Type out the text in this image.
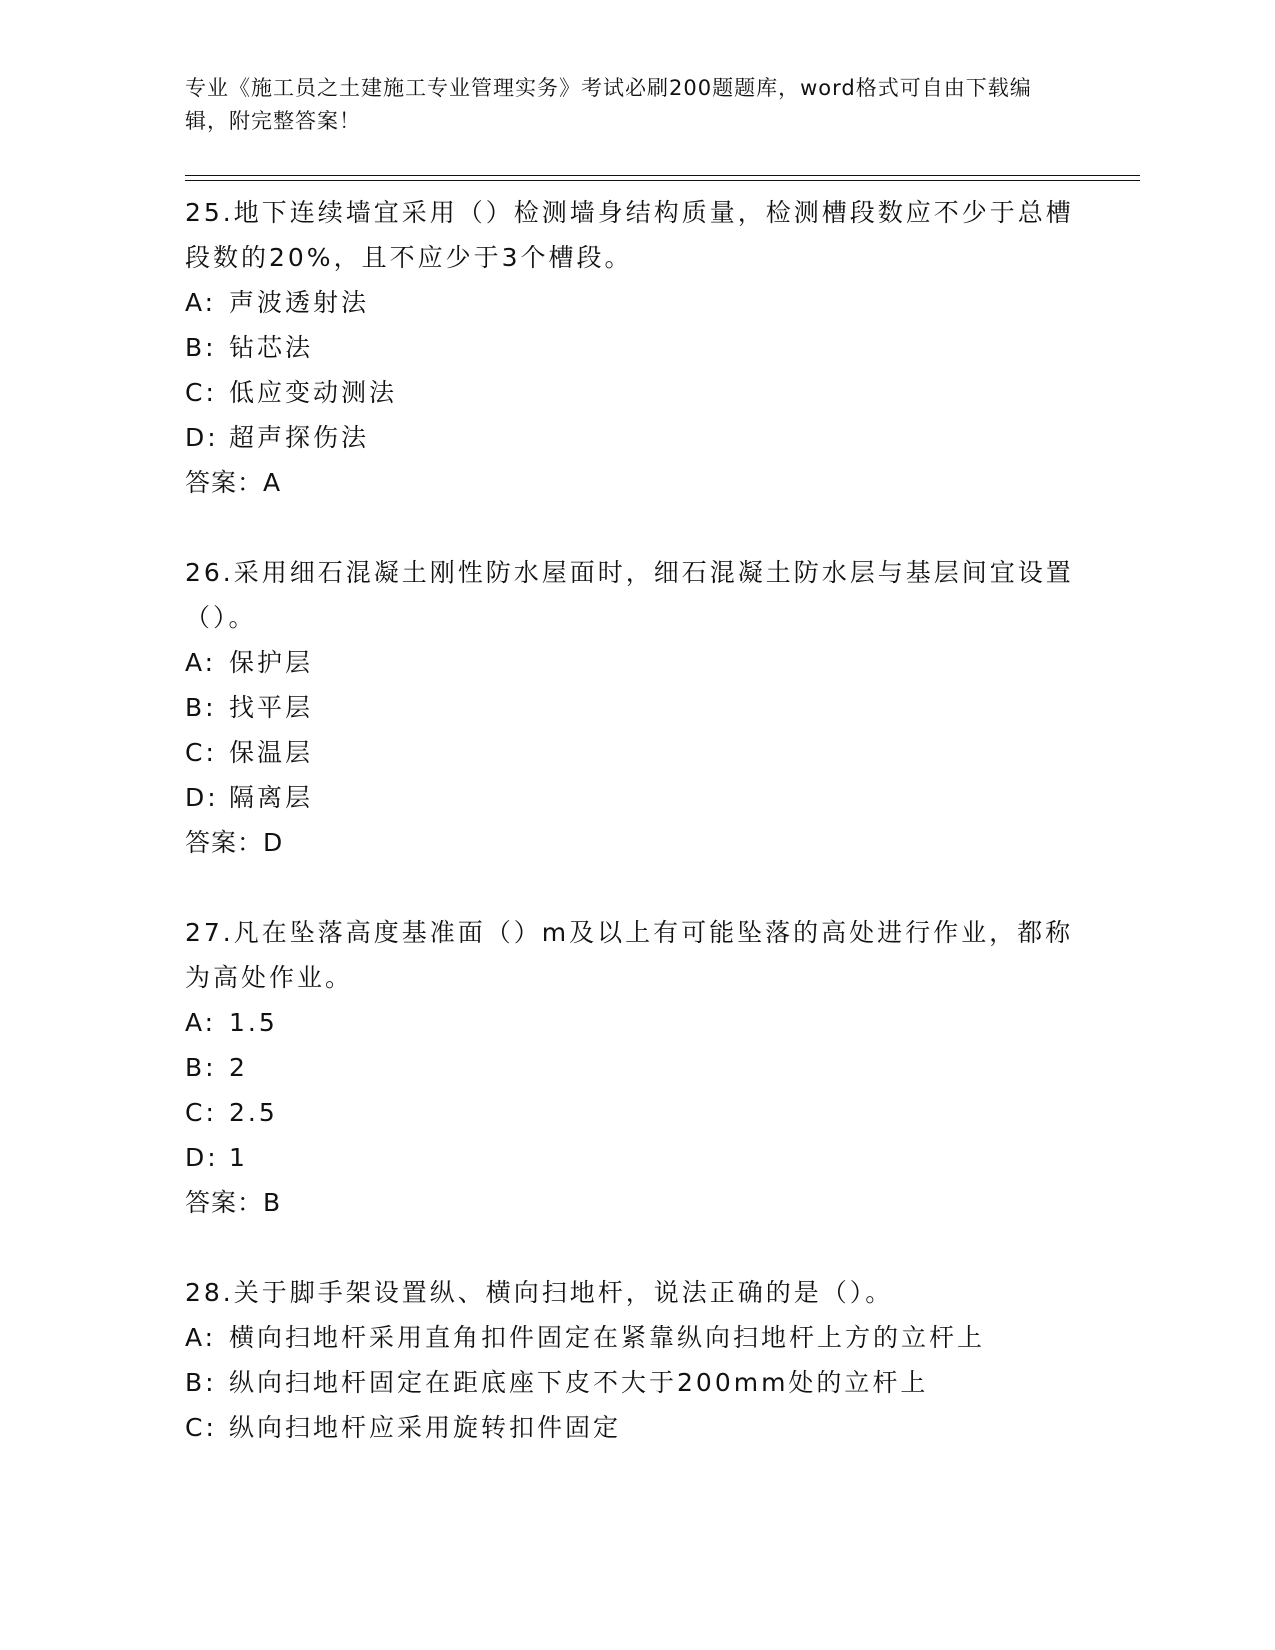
专业《施工员之土建施工专业管理实务》考试必刷200题题库，word格式可自由下载编辑，附完整答案！

25.地下连续墙宜采用（）检测墙身结构质量，检测槽段数应不少于总槽段数的20%，且不应少于3个槽段。

A: 声波透射法

B: 钻芯法

C: 低应变动测法

D: 超声探伤法

答案：A

26.采用细石混凝土刚性防水屋面时，细石混凝土防水层与基层间宜设置（）。

A: 保护层

B: 找平层

C: 保温层

D: 隔离层

答案：D

27.凡在坠落高度基准面（）m及以上有可能坠落的高处进行作业，都称为高处作业。

A: 1.5

B: 2

C: 2.5

D: 1

答案：B

28.关于脚手架设置纵、横向扫地杆，说法正确的是（）。

A: 横向扫地杆采用直角扣件固定在紧靠纵向扫地杆上方的立杆上

B: 纵向扫地杆固定在距底座下皮不大于200mm处的立杆上

C: 纵向扫地杆应采用旋转扣件固定
